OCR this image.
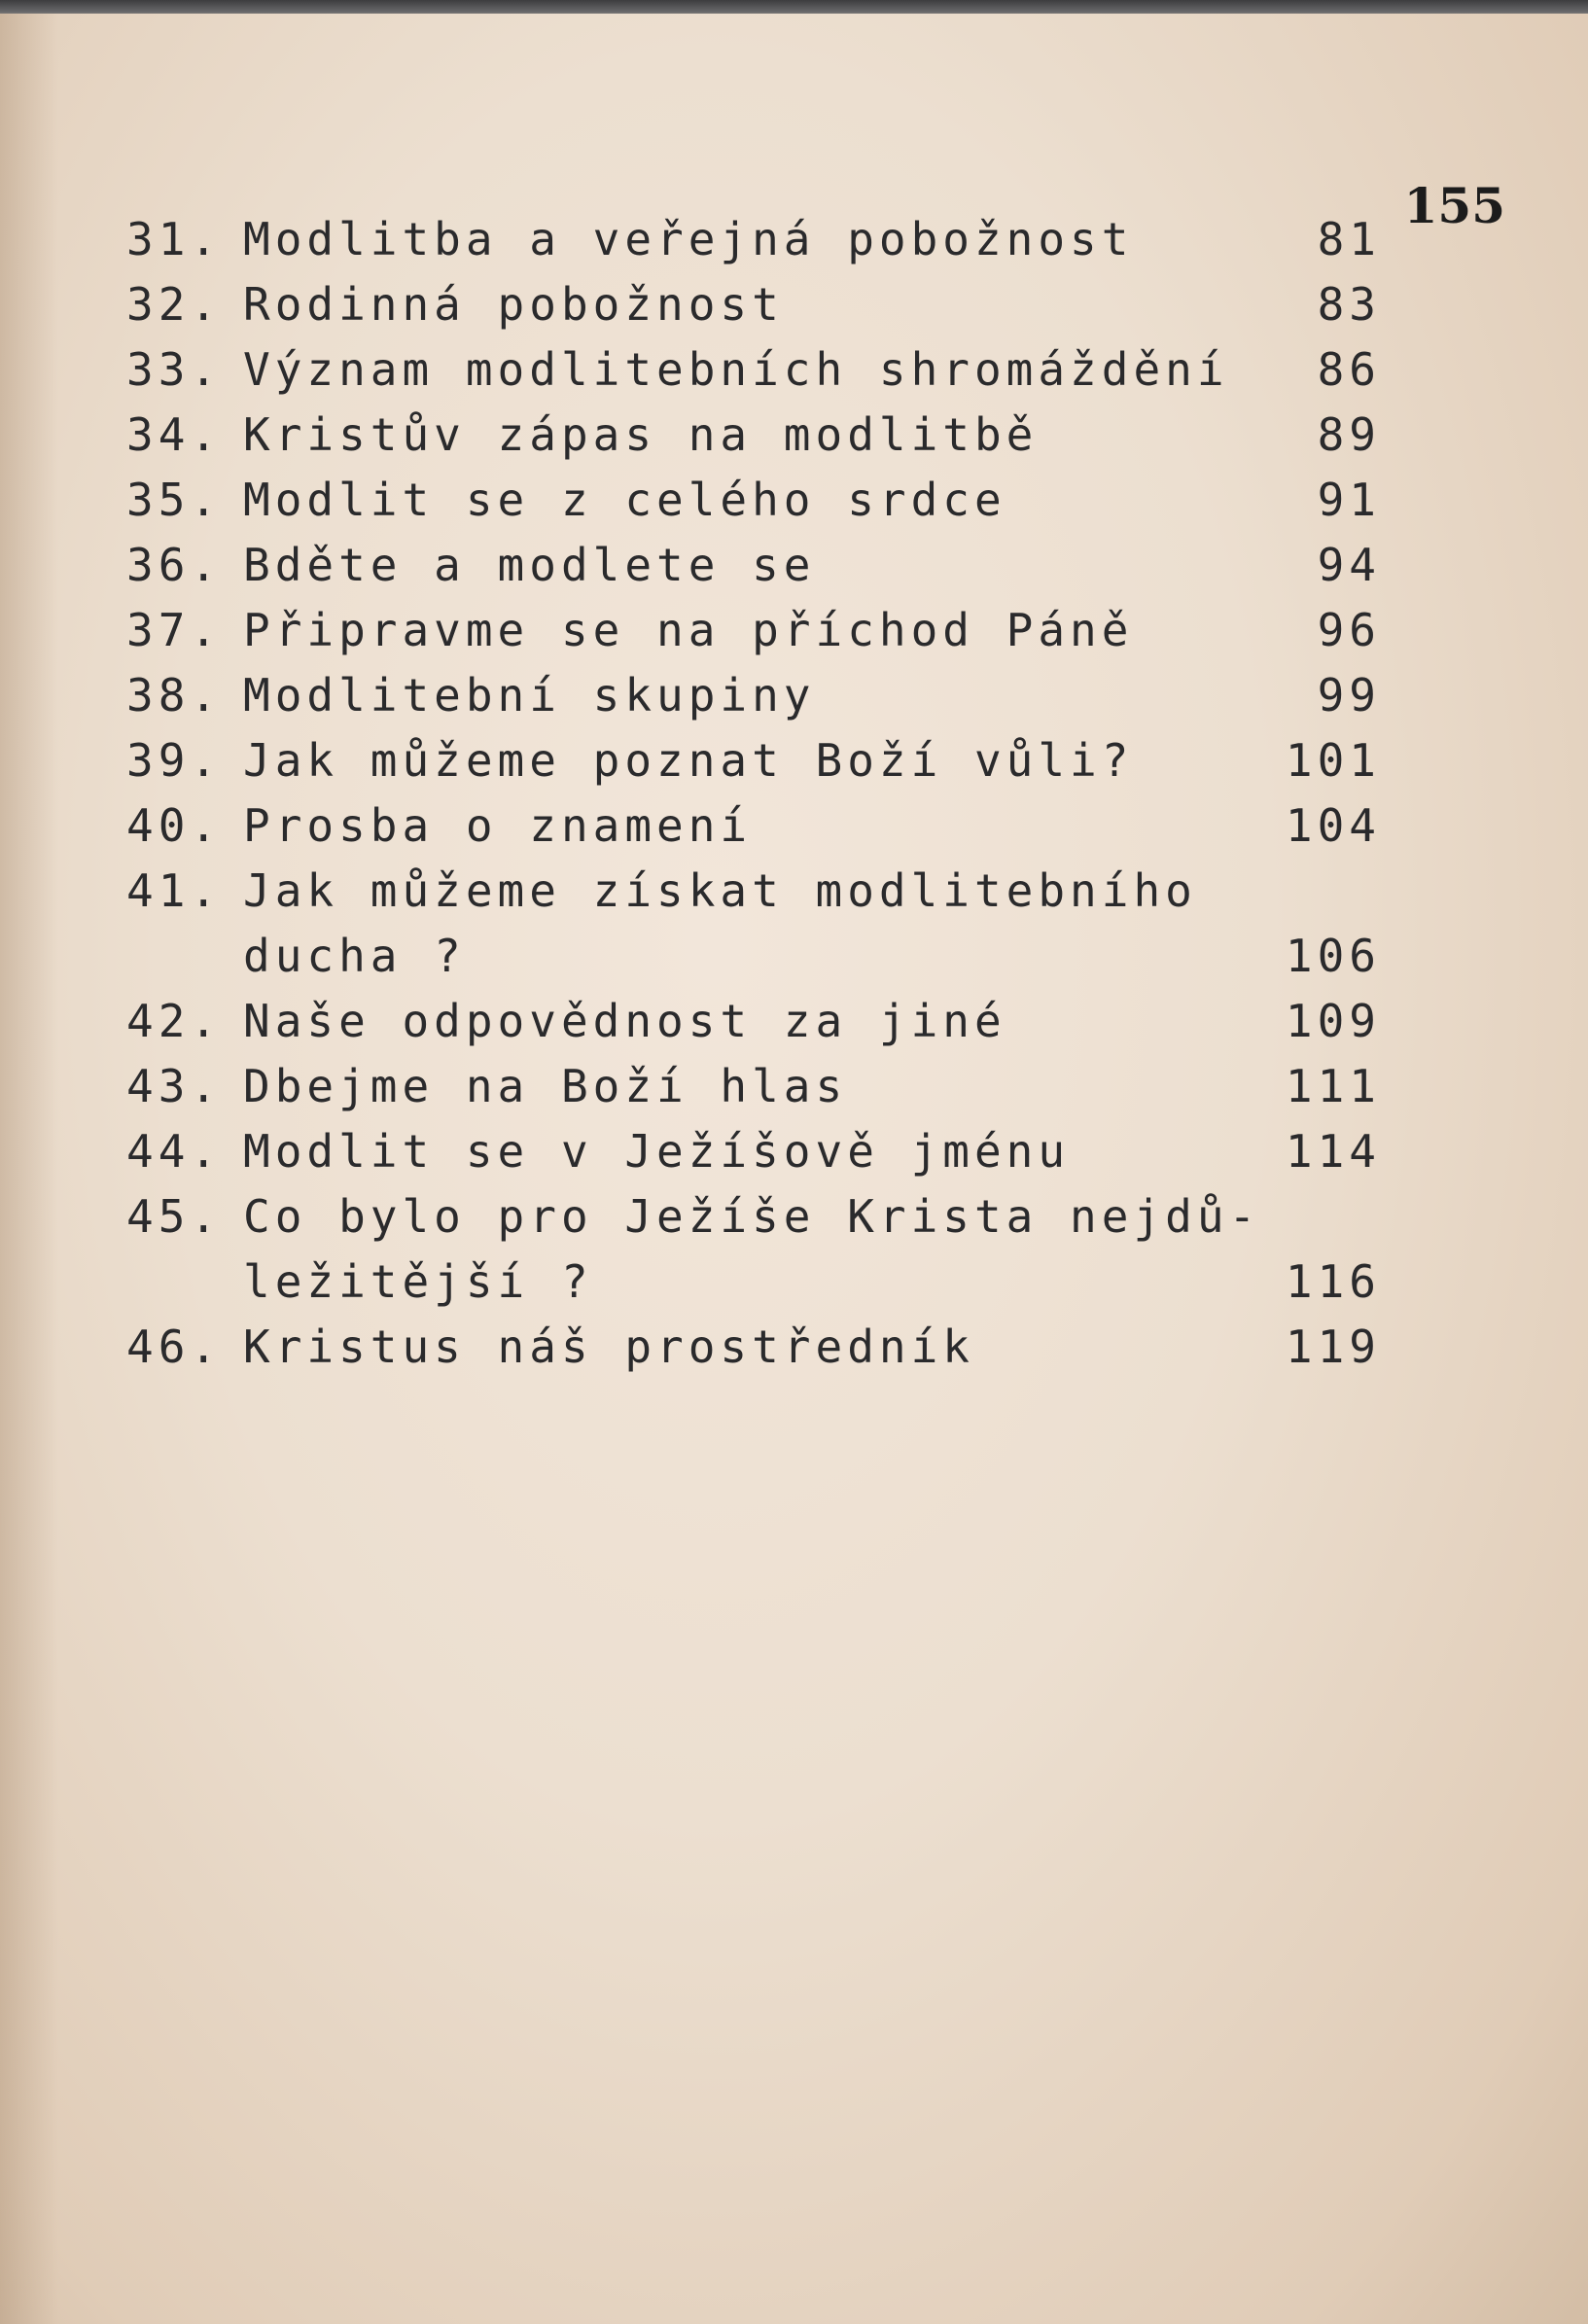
155
31. Modlitba a veřejná pobožnost	81
32. Rodinná pobožnost	83
33. Význam modlitebních shromáždění	86
34. Kristův zápas na modlitbě	89
35. Modlit se z celého srdce	91
36. Bděte a modlete se	94
37. Připravme se na příchod Páně	96
38. Modlitební skupiny	99
39. Jak můžeme poznat Boží vůli?	101
40. Prosba o znamení	104
41. Jak můžeme získat modlitebního
ducha ?	106
42. Naše odpovědnost za jiné	109
43. Dbejme na Boží hlas	111
44. Modlit se v Ježíšově jménu	114
45. Co bylo pro Ježíše Krista nejdů-
ležitější ?	116
46. Kristus náš prostředník	119
